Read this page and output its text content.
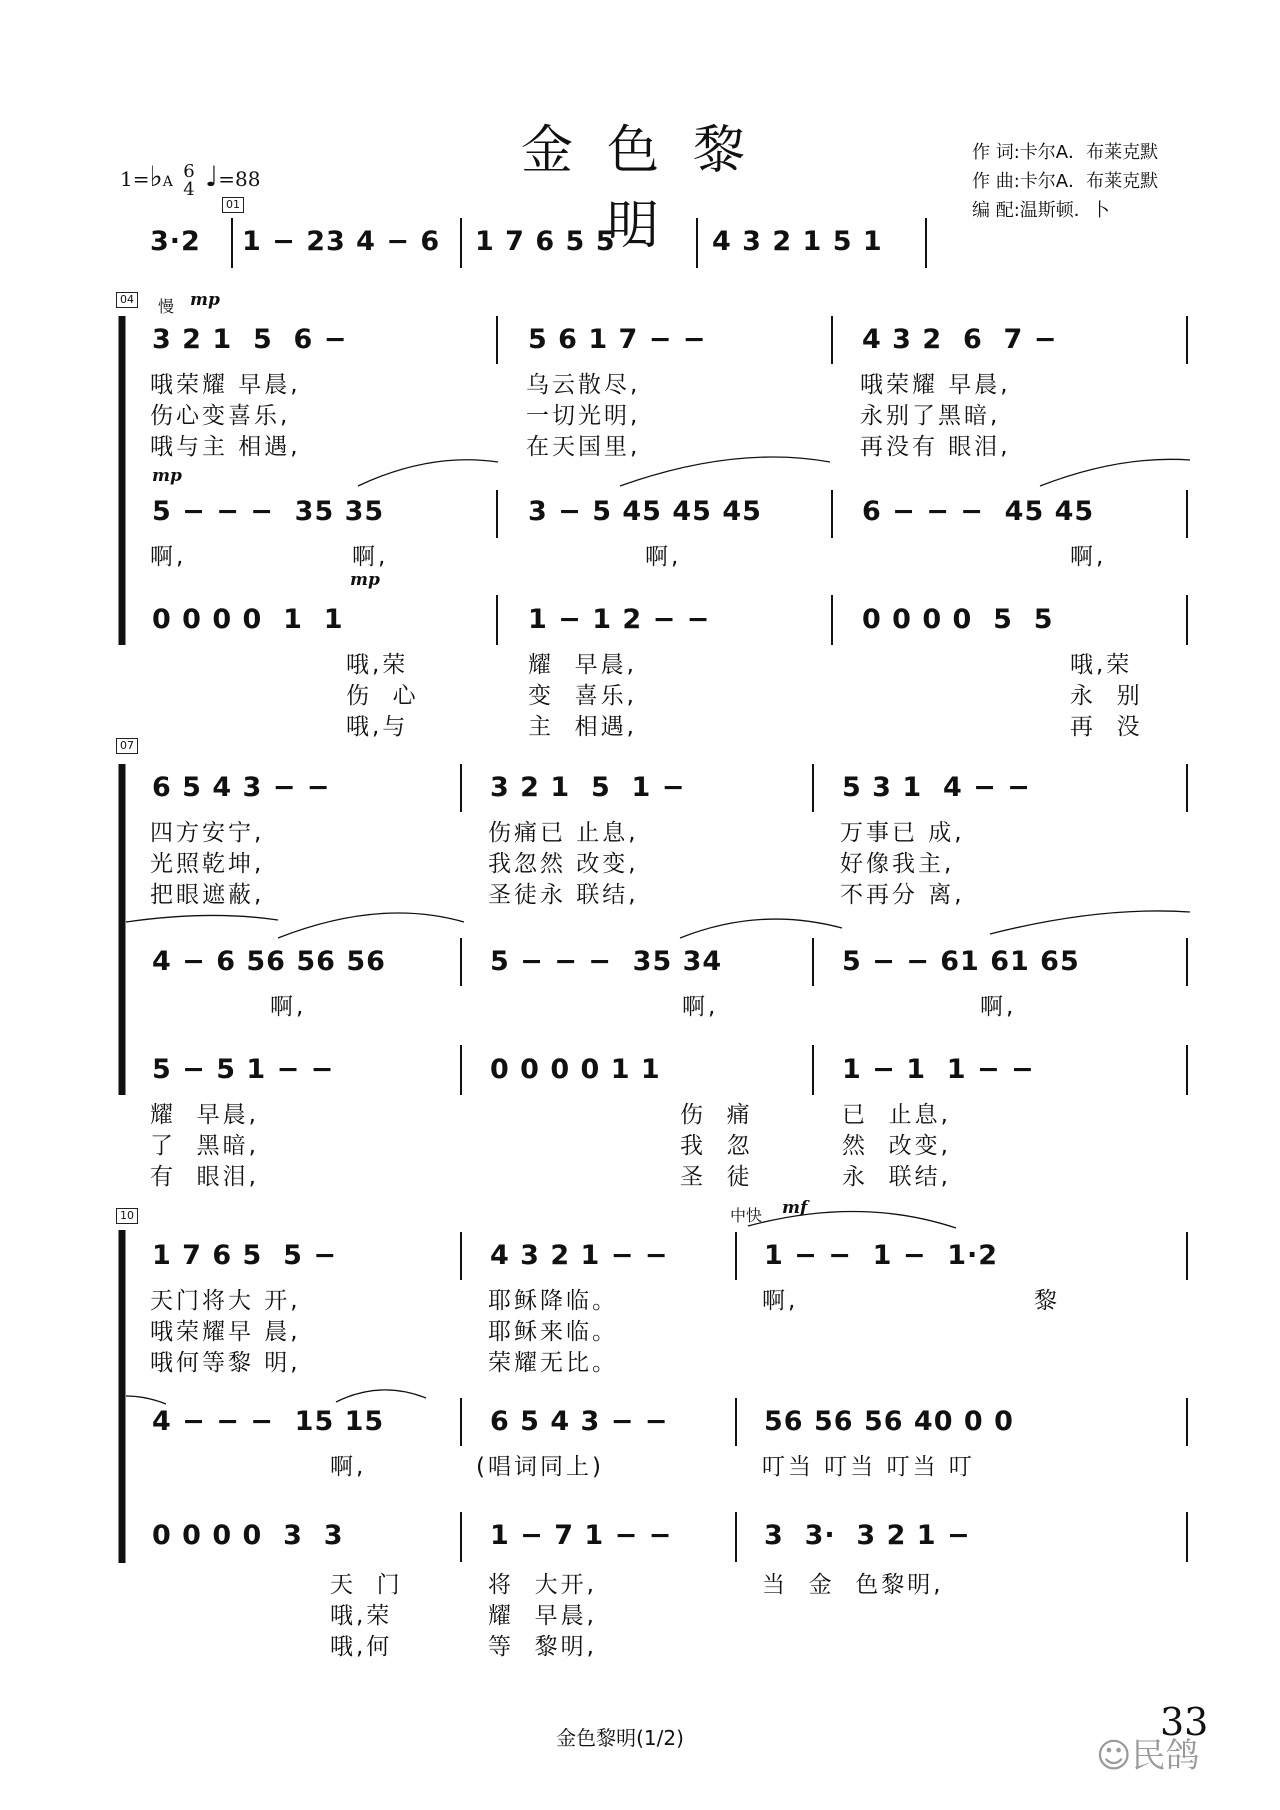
金色黎明
作 词:卡尔A．布莱克默
作 曲:卡尔A．布莱克默
编 配:温斯顿．卜
1=♭A
6
4 ♩=88
01
3·2 1 − 23 4 − 6 1 7 6 5 5 − 4 3 2 1 5 1
04 慢 mp
3 2 1  5  6 −	5 6 1 7 − −	4 3 2  6  7 −
哦荣耀 早晨,	乌云散尽,	哦荣耀 早晨,
伤心变喜乐,	一切光明,	永别了黑暗,
哦与主 相遇,	在天国里,	再没有 眼泪,
mp
5 − − −  35 35	3 − 5 45 45 45	6 − − −  45 45
啊,	啊,	啊,	啊,
mp
0 0 0 0  1  1	1 − 1 2 − −	0 0 0 0  5  5
哦,荣	耀  早晨,	哦,荣
伤  心	变  喜乐,	永  别
哦,与	主  相遇,	再  没
07
6 5 4 3 − −	3 2 1  5  1 −	5 3 1  4 − −
四方安宁,	伤痛已 止息,	万事已 成,
光照乾坤,	我忽然 改变,	好像我主,
把眼遮蔽,	圣徒永 联结,	不再分 离,
4 − 6 56 56 56	5 − − −  35 34	5 − − 61 61 65
啊,	啊,	啊,
5 − 5 1 − −	0 0 0 0 1 1	1 − 1  1 − −
耀  早晨,	伤  痛	已  止息,
了  黑暗,	我  忽	然  改变,
有  眼泪,	圣  徒	永  联结,
10	中快 mf
1 7 6 5  5 −	4 3 2 1 − −	1 − −  1 −  1·2
天门将大 开,	耶稣降临。	啊,	黎
哦荣耀早 晨,	耶稣来临。
哦何等黎 明,	荣耀无比。
4 − − −  15 15	6 5 4 3 − −	56 56 56 40 0 0
啊,	(唱词同上)	叮当 叮当 叮当 叮
0 0 0 0  3  3	1 − 7 1 − −	3  3·  3 2 1 −
天  门	将  大开,	当  金  色黎明,
哦,荣	耀  早晨,
哦,何	等  黎明,
金色黎明(1/2)	33
☺民鸽
